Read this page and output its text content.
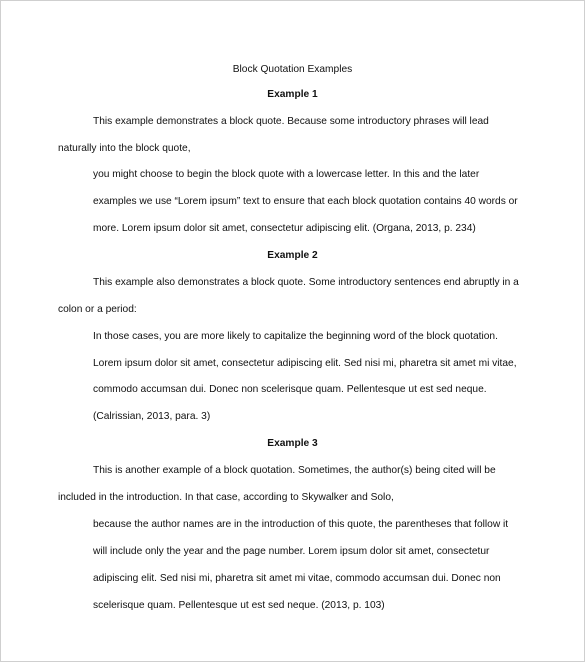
Block Quotation Examples
Example 1
This example demonstrates a block quote. Because some introductory phrases will lead
naturally into the block quote,
you might choose to begin the block quote with a lowercase letter. In this and the later
examples we use “Lorem ipsum” text to ensure that each block quotation contains 40 words or
more. Lorem ipsum dolor sit amet, consectetur adipiscing elit. (Organa, 2013, p. 234)
Example 2
This example also demonstrates a block quote. Some introductory sentences end abruptly in a
colon or a period:
In those cases, you are more likely to capitalize the beginning word of the block quotation.
Lorem ipsum dolor sit amet, consectetur adipiscing elit. Sed nisi mi, pharetra sit amet mi vitae,
commodo accumsan dui. Donec non scelerisque quam. Pellentesque ut est sed neque.
(Calrissian, 2013, para. 3)
Example 3
This is another example of a block quotation. Sometimes, the author(s) being cited will be
included in the introduction. In that case, according to Skywalker and Solo,
because the author names are in the introduction of this quote, the parentheses that follow it
will include only the year and the page number. Lorem ipsum dolor sit amet, consectetur
adipiscing elit. Sed nisi mi, pharetra sit amet mi vitae, commodo accumsan dui. Donec non
scelerisque quam. Pellentesque ut est sed neque. (2013, p. 103)
